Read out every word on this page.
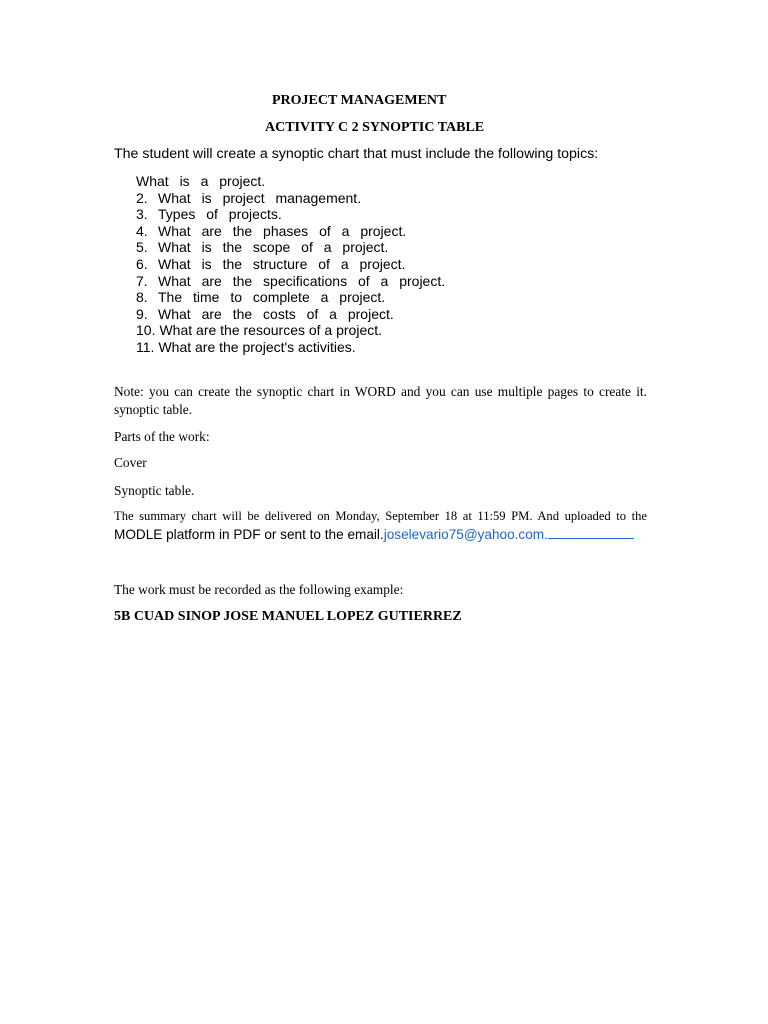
PROJECT MANAGEMENT
ACTIVITY C 2 SYNOPTIC TABLE
The student will create a synoptic chart that must include the following topics:
What is a project.
2. What is project management.
3. Types of projects.
4. What are the phases of a project.
5. What is the scope of a project.
6. What is the structure of a project.
7. What are the specifications of a project.
8. The time to complete a project.
9. What are the costs of a project.
10. What are the resources of a project.
11. What are the project's activities.
Note: you can create the synoptic chart in WORD and you can use multiple pages to create it.
synoptic table.
Parts of the work:
Cover
Synoptic table.
The summary chart will be delivered on Monday, September 18 at 11:59 PM. And uploaded to the
MODLE platform in PDF or sent to the email.joselevario75@yahoo.com.
The work must be recorded as the following example:
5B CUAD SINOP JOSE MANUEL LOPEZ GUTIERREZ
